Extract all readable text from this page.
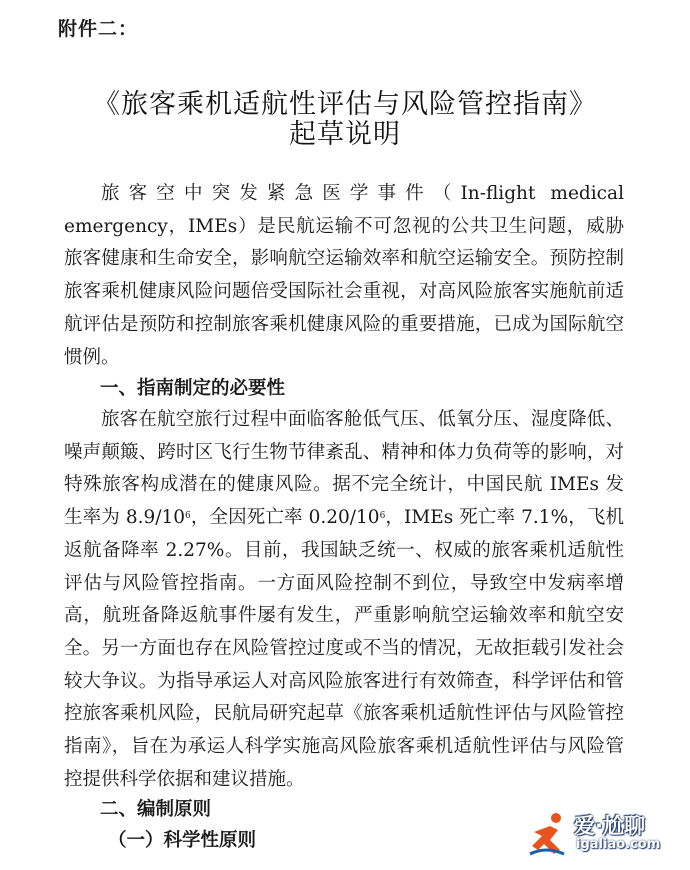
附件二：
《旅客乘机适航性评估与风险管控指南》
起草说明
旅客空中突发紧急医学事件（In-flight medical emergency，IMEs）是民航运输不可忽视的公共卫生问题，威胁旅客健康和生命安全，影响航空运输效率和航空运输安全。预防控制旅客乘机健康风险问题倍受国际社会重视，对高风险旅客实施航前适航评估是预防和控制旅客乘机健康风险的重要措施，已成为国际航空惯例。
一、指南制定的必要性
旅客在航空旅行过程中面临客舱低气压、低氧分压、湿度降低、噪声颠簸、跨时区飞行生物节律紊乱、精神和体力负荷等的影响，对特殊旅客构成潜在的健康风险。据不完全统计，中国民航 IMEs 发生率为 $8.9/10^6$，全因死亡率 $0.20/10^6$，IMEs 死亡率 7.1%，飞机返航备降率 2.27%。目前，我国缺乏统一、权威的旅客乘机适航性评估与风险管控指南。一方面风险控制不到位，导致空中发病率增高，航班备降返航事件屡有发生，严重影响航空运输效率和航空安全。另一方面也存在风险管控过度或不当的情况，无故拒载引发社会较大争议。为指导承运人对高风险旅客进行有效筛查，科学评估和管控旅客乘机风险，民航局研究起草《旅客乘机适航性评估与风险管控指南》，旨在为承运人科学实施高风险旅客乘机适航性评估与风险管控提供科学依据和建议措施。
二、编制原则
（一）科学性原则
爱·尬聊
igaliao.com
